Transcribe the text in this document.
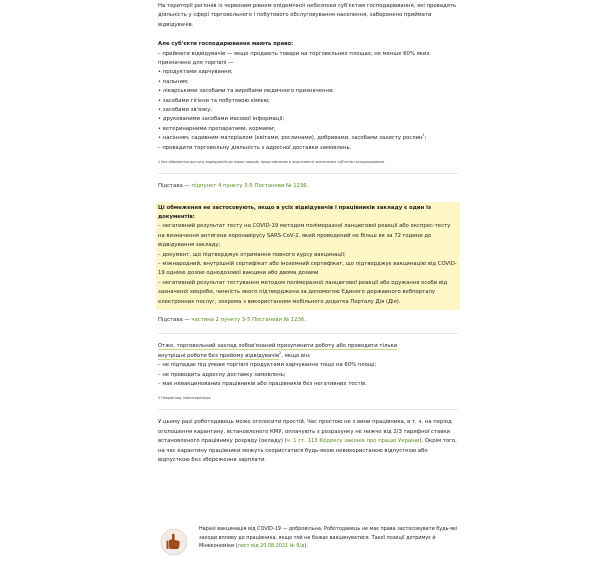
На території регіонів із червоним рівнем епідемічної небезпеки суб'єктам господарювання, які провадять діяльність у сфері торговельного і побутового обслуговування населення, заборонено приймати відвідувачів.

Але суб'єкти господарювання мають право:

– приймати відвідувачів — якщо продають товари на торговельних площах, не менше 60% яких призначено для торгівлі —

• продуктами харчування;

• пальним;

• лікарськими засобами та виробами медичного призначення;

• засобами гігієни та побутовою хімією;

• засобами зв'язку;

• друкованими засобами масової інформації;

• ветеринарними препаратами, кормами;

• насінням, садивним матеріалом (квітами, рослинами), добривами, засобами захисту рослин$^1$;

– провадити торговельну діяльність з адресної доставки замовлень.

1 Без обмеження доступу відвідувачів до інших товарів, представлених в асортименті визначених суб'єктів господарювання.

Підстава — підпункт 4 пункту 3-5 Постанови № 1236.

Ці обмеження не застосовують, якщо в усіх відвідувачів і працівників закладу є один із документів:

– негативний результат тесту на COVID-19 методом полімеразної ланцюгової реакції або експрес-тесту на визначення антигена коронавірусу SARS-CoV-2, який проведений не більш як за 72 години до відвідування закладу;

– документ, що підтверджує отримання повного курсу вакцинації;

– міжнародний, внутрішній сертифікат або іноземний сертифікат, що підтверджує вакцинацію від COVID-19 однією дозою однодозової вакцини або двома дозами

– негативний результат тестування методом полімеразної ланцюгової реакції або одужання особи від зазначеної хвороби, чинність якого підтверджена за допомогою Єдиного державного вебпорталу електронних послуг, зокрема з використанням мобільного додатка Порталу Дія (Дія).

Підстава — частина 2 пункту 3-5 Постанови № 1236.

Отже, торговельний заклад зобов'язаний призупинити роботу або проводити тільки

внутрішні роботи без прийому відвідувачів$^2$, якщо він:

– не підпадає під умови торгівлі продуктами харчування тощо на 60% площі;

– не проводить адресну доставку замовлень;

– має невакцинованих працівників або працівників без негативних тестів.

2 Наприклад, інвентаризація.

У цьому разі роботодавець може оголосити простій. Час простою не з вини працівника, в т. ч. на період оголошення карантину, встановленого КМУ, оплачують з розрахунку не нижче від 2/3 тарифної ставки встановленого працівнику розряду (окладу) (ч. 1 ст. 113 Кодексу законів про працю України). Окрім того, на час карантину працівники можуть скористатися будь-якою невикористаною відпусткою або відпусткою без збереження зарплати.

Наразі вакцинація від COVID-19 — добровільна. Роботодавець не має права застосовувати будь-які заходи впливу до працівника, якщо той не бажає вакцинуватися. Такої позиції дотримує й Мінекономіки (лист від 20.08.2021 № 6/д).
